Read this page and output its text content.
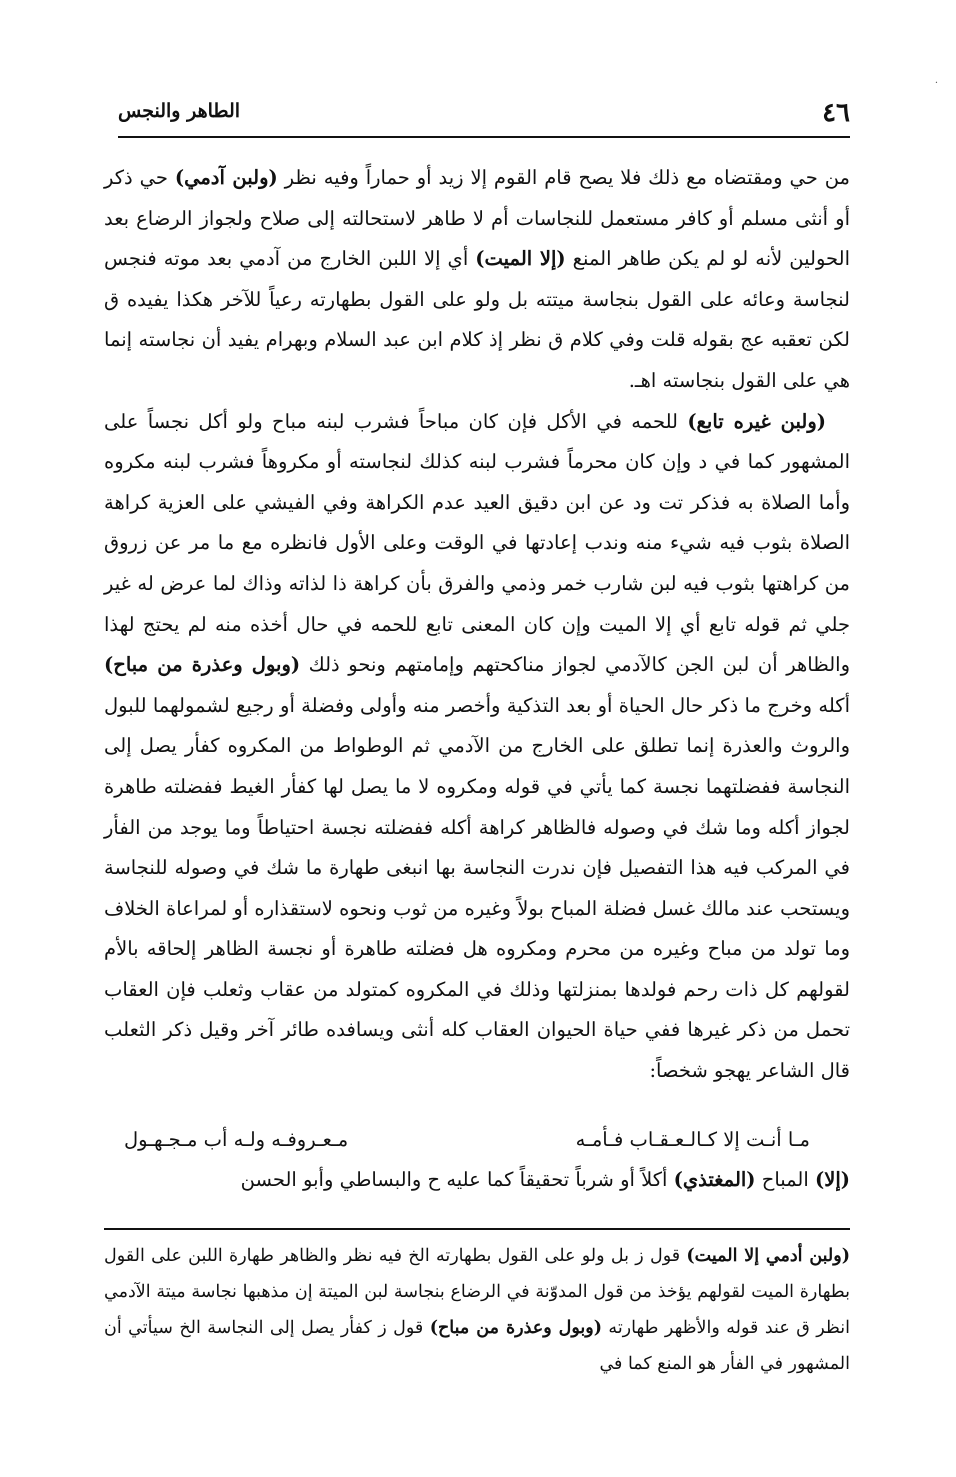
·
٤٦
الطاهر والنجس

من حي ومقتضاه مع ذلك فلا يصح قام القوم إلا زيد أو حماراً وفيه نظر (ولبن آدمي) حي ذكر أو أنثى مسلم أو كافر مستعمل للنجاسات أم لا طاهر لاستحالته إلى صلاح ولجواز الرضاع بعد الحولين لأنه لو لم يكن طاهر المنع (إلا الميت) أي إلا اللبن الخارج من آدمي بعد موته فنجس لنجاسة وعائه على القول بنجاسة ميتته بل ولو على القول بطهارته رعياً للآخر هكذا يفيده ق لكن تعقبه عج بقوله قلت وفي كلام ق نظر إذ كلام ابن عبد السلام وبهرام يفيد أن نجاسته إنما هي على القول بنجاسته اهـ.

(ولبن غيره تابع) للحمه في الأكل فإن كان مباحاً فشرب لبنه مباح ولو أكل نجساً على المشهور كما في د وإن كان محرماً فشرب لبنه كذلك لنجاسته أو مكروهاً فشرب لبنه مكروه وأما الصلاة به فذكر تت ود عن ابن دقيق العيد عدم الكراهة وفي الفيشي على العزية كراهة الصلاة بثوب فيه شيء منه وندب إعادتها في الوقت وعلى الأول فانظره مع ما مر عن زروق من كراهتها بثوب فيه لبن شارب خمر وذمي والفرق بأن كراهة ذا لذاته وذاك لما عرض له غير جلي ثم قوله تابع أي إلا الميت وإن كان المعنى تابع للحمه في حال أخذه منه لم يحتج لهذا والظاهر أن لبن الجن كالآدمي لجواز مناكحتهم وإمامتهم ونحو ذلك (وبول وعذرة من مباح) أكله وخرج ما ذكر حال الحياة أو بعد التذكية وأخصر منه وأولى وفضلة أو رجيع لشمولهما للبول والروث والعذرة إنما تطلق على الخارج من الآدمي ثم الوطواط من المكروه كفأر يصل إلى النجاسة ففضلتهما نجسة كما يأتي في قوله ومكروه لا ما يصل لها كفأر الغيط ففضلته طاهرة لجواز أكله وما شك في وصوله فالظاهر كراهة أكله ففضلته نجسة احتياطاً وما يوجد من الفأر في المركب فيه هذا التفصيل فإن ندرت النجاسة بها انبغى طهارة ما شك في وصوله للنجاسة ويستحب عند مالك غسل فضلة المباح بولاً وغيره من ثوب ونحوه لاستقذاره أو لمراعاة الخلاف وما تولد من مباح وغيره من محرم ومكروه هل فضلته طاهرة أو نجسة الظاهر إلحاقه بالأم لقولهم كل ذات رحم فولدها بمنزلتها وذلك في المكروه كمتولد من عقاب وثعلب فإن العقاب تحمل من ذكر غيرها ففي حياة الحيوان العقاب كله أنثى ويسافده طائر آخر وقيل ذكر الثعلب قال الشاعر يهجو شخصاً:

مـا أنـت إلا كـالـعـقـاب فـأمـه
مـعـروفـه ولـه أب مـجـهـول
(إلا) المباح (المغتذي) أكلاً أو شرباً تحقيقاً كما عليه ح والبساطي وأبو الحسن

(ولبن أدمي إلا الميت) قول ز بل ولو على القول بطهارته الخ فيه نظر والظاهر طهارة اللبن على القول بطهارة الميت لقولهم يؤخذ من قول المدوّنة في الرضاع بنجاسة لبن الميتة إن مذهبها نجاسة ميتة الآدمي انظر ق عند قوله والأظهر طهارته (وبول وعذرة من مباح) قول ز كفأر يصل إلى النجاسة الخ سيأتي أن المشهور في الفأر هو المنع كما في
